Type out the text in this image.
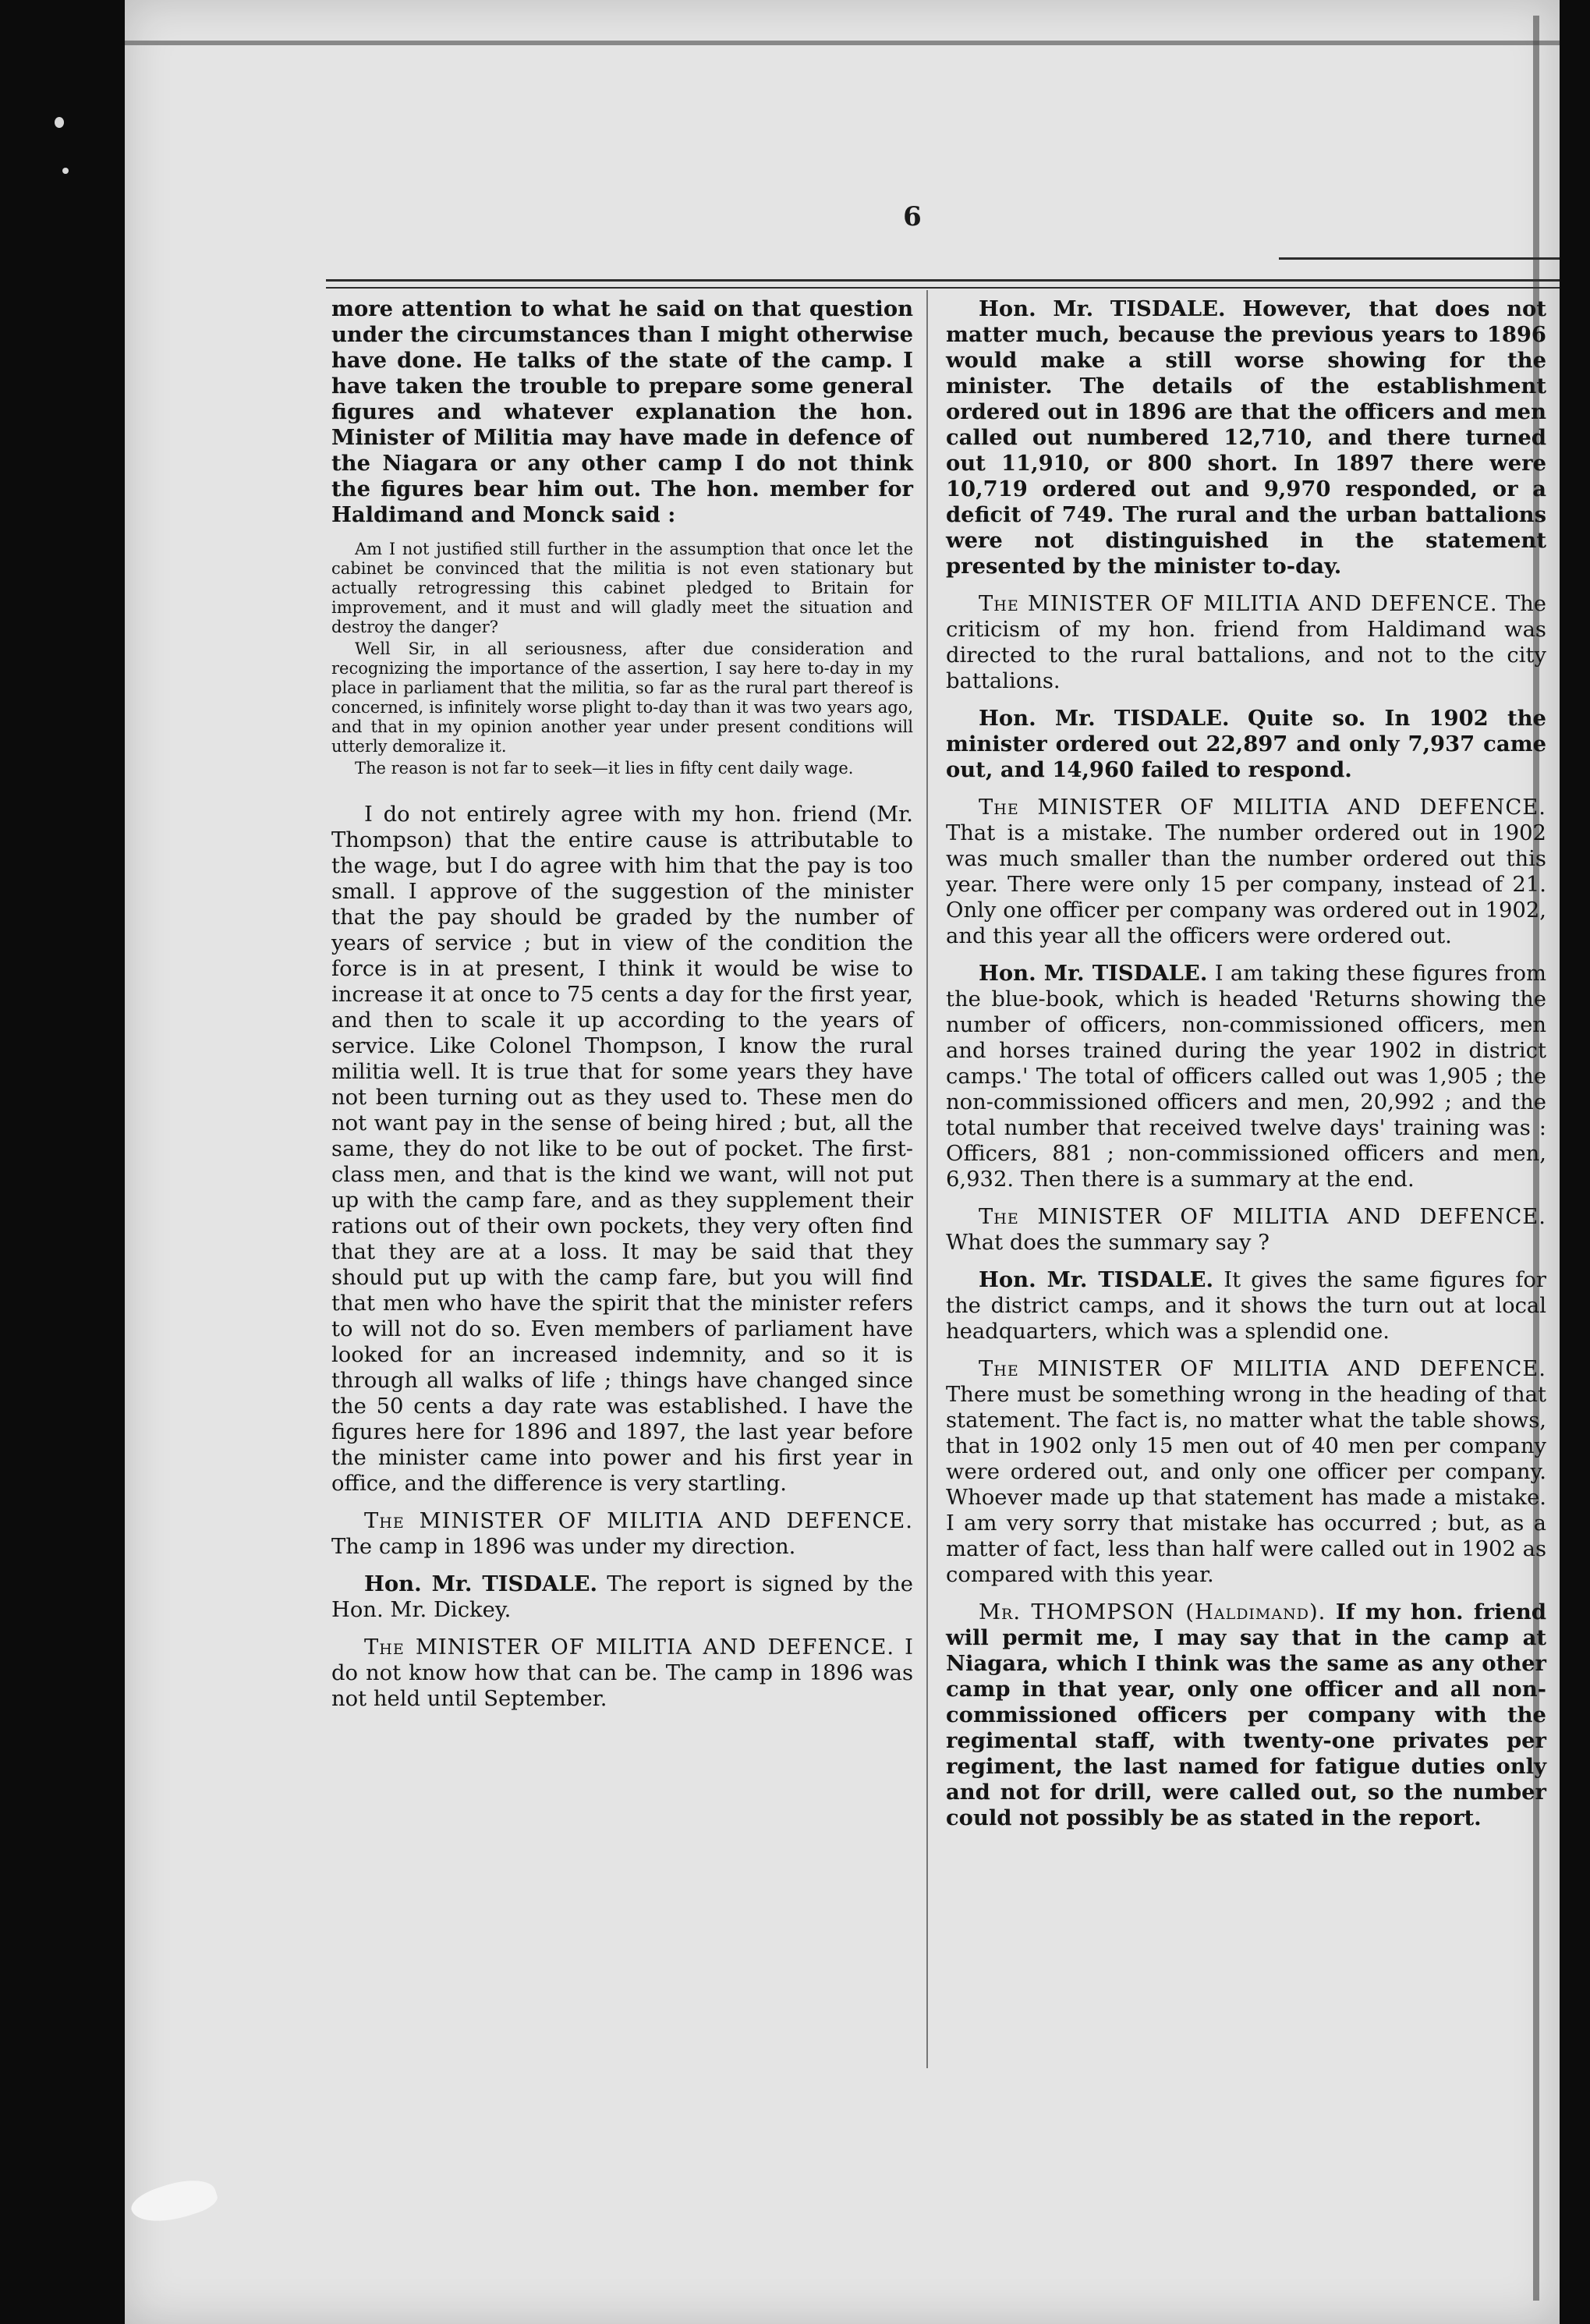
6

more attention to what he said on that question under the circumstances than I might otherwise have done. He talks of the state of the camp. I have taken the trouble to prepare some general figures and whatever explanation the hon. Minister of Militia may have made in defence of the Niagara or any other camp I do not think the figures bear him out. The hon. member for Haldimand and Monck said :

Am I not justified still further in the assumption that once let the cabinet be convinced that the militia is not even stationary but actually retrogressing this cabinet pledged to Britain for improvement, and it must and will gladly meet the situation and destroy the danger?

Well Sir, in all seriousness, after due consideration and recognizing the importance of the assertion, I say here to-day in my place in parliament that the militia, so far as the rural part thereof is concerned, is infinitely worse plight to-day than it was two years ago, and that in my opinion another year under present conditions will utterly demoralize it.

The reason is not far to seek—it lies in fifty cent daily wage.

I do not entirely agree with my hon. friend (Mr. Thompson) that the entire cause is attributable to the wage, but I do agree with him that the pay is too small. I approve of the suggestion of the minister that the pay should be graded by the number of years of service ; but in view of the condition the force is in at present, I think it would be wise to increase it at once to 75 cents a day for the first year, and then to scale it up according to the years of service. Like Colonel Thompson, I know the rural militia well. It is true that for some years they have not been turning out as they used to. These men do not want pay in the sense of being hired ; but, all the same, they do not like to be out of pocket. The first-class men, and that is the kind we want, will not put up with the camp fare, and as they supplement their rations out of their own pockets, they very often find that they are at a loss. It may be said that they should put up with the camp fare, but you will find that men who have the spirit that the minister refers to will not do so. Even members of parliament have looked for an increased indemnity, and so it is through all walks of life ; things have changed since the 50 cents a day rate was established. I have the figures here for 1896 and 1897, the last year before the minister came into power and his first year in office, and the difference is very startling.

The MINISTER OF MILITIA AND DEFENCE. The camp in 1896 was under my direction.

Hon. Mr. TISDALE. The report is signed by the Hon. Mr. Dickey.

The MINISTER OF MILITIA AND DEFENCE. I do not know how that can be. The camp in 1896 was not held until September.

Hon. Mr. TISDALE. However, that does not matter much, because the previous years to 1896 would make a still worse showing for the minister. The details of the establishment ordered out in 1896 are that the officers and men called out numbered 12,710, and there turned out 11,910, or 800 short. In 1897 there were 10,719 ordered out and 9,970 responded, or a deficit of 749. The rural and the urban battalions were not distinguished in the statement presented by the minister to-day.

The MINISTER OF MILITIA AND DEFENCE. The criticism of my hon. friend from Haldimand was directed to the rural battalions, and not to the city battalions.

Hon. Mr. TISDALE. Quite so. In 1902 the minister ordered out 22,897 and only 7,937 came out, and 14,960 failed to respond.

The MINISTER OF MILITIA AND DEFENCE. That is a mistake. The number ordered out in 1902 was much smaller than the number ordered out this year. There were only 15 per company, instead of 21. Only one officer per company was ordered out in 1902, and this year all the officers were ordered out.

Hon. Mr. TISDALE. I am taking these figures from the blue-book, which is headed 'Returns showing the number of officers, non-commissioned officers, men and horses trained during the year 1902 in district camps.' The total of officers called out was 1,905 ; the non-commissioned officers and men, 20,992 ; and the total number that received twelve days' training was : Officers, 881 ; non-commissioned officers and men, 6,932. Then there is a summary at the end.

The MINISTER OF MILITIA AND DEFENCE. What does the summary say ?

Hon. Mr. TISDALE. It gives the same figures for the district camps, and it shows the turn out at local headquarters, which was a splendid one.

The MINISTER OF MILITIA AND DEFENCE. There must be something wrong in the heading of that statement. The fact is, no matter what the table shows, that in 1902 only 15 men out of 40 men per company were ordered out, and only one officer per company. Whoever made up that statement has made a mistake. I am very sorry that mistake has occurred ; but, as a matter of fact, less than half were called out in 1902 as compared with this year.

Mr. THOMPSON (Haldimand). If my hon. friend will permit me, I may say that in the camp at Niagara, which I think was the same as any other camp in that year, only one officer and all non-commissioned officers per company with the regimental staff, with twenty-one privates per regiment, the last named for fatigue duties only and not for drill, were called out, so the number could not possibly be as stated in the report.
